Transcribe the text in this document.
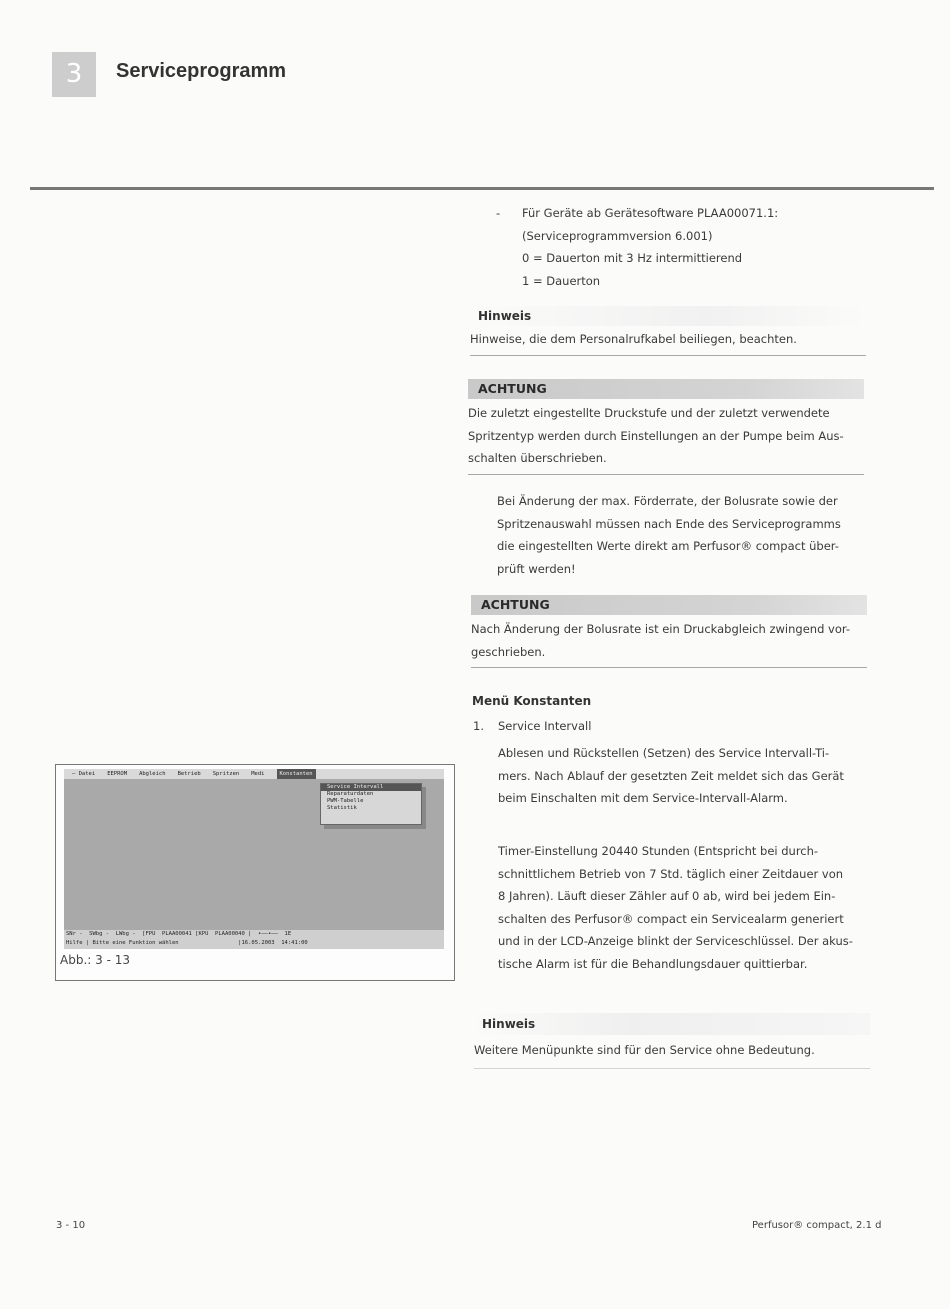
3	Serviceprogramm
- Für Geräte ab Gerätesoftware PLAA00071.1:
(Serviceprogrammversion 6.001)
0 = Dauerton mit 3 Hz intermittierend
1 = Dauerton
Hinweis
Hinweise, die dem Personalrufkabel beiliegen, beachten.
ACHTUNG
Die zuletzt eingestellte Druckstufe und der zuletzt verwendete
Spritzentyp werden durch Einstellungen an der Pumpe beim Aus-
schalten überschrieben.
Bei Änderung der max. Förderrate, der Bolusrate sowie der
Spritzenauswahl müssen nach Ende des Serviceprogramms
die eingestellten Werte direkt am Perfusor® compact über-
prüft werden!
ACHTUNG
Nach Änderung der Bolusrate ist ein Druckabgleich zwingend vor-
geschrieben.
Menü Konstanten
1. Service Intervall
Ablesen und Rückstellen (Setzen) des Service Intervall-Ti-
mers. Nach Ablauf der gesetzten Zeit meldet sich das Gerät
beim Einschalten mit dem Service-Intervall-Alarm.
Timer-Einstellung 20440 Stunden (Entspricht bei durch-
schnittlichem Betrieb von 7 Std. täglich einer Zeitdauer von
8 Jahren). Läuft dieser Zähler auf 0 ab, wird bei jedem Ein-
schalten des Perfusor® compact ein Servicealarm generiert
und in der LCD-Anzeige blinkt der Serviceschlüssel. Der akus-
tische Alarm ist für die Behandlungsdauer quittierbar.
Hinweis
Weitere Menüpunkte sind für den Service ohne Bedeutung.
— Datei EEPROM Abgleich Betrieb Spritzen Medi	Konstanten
Service Intervall
Reparaturdaten
PWM-Tabelle
Statistik
SNr -  SWbg -  LWbg -  [FPU  PLAA00041 [KPU  PLAA00040 |  •——•——  1E
Hilfe | Bitte eine Funktion wählen                  |16.05.2003  14:41:00
Abb.: 3 - 13
3 - 10	Perfusor® compact, 2.1 d
